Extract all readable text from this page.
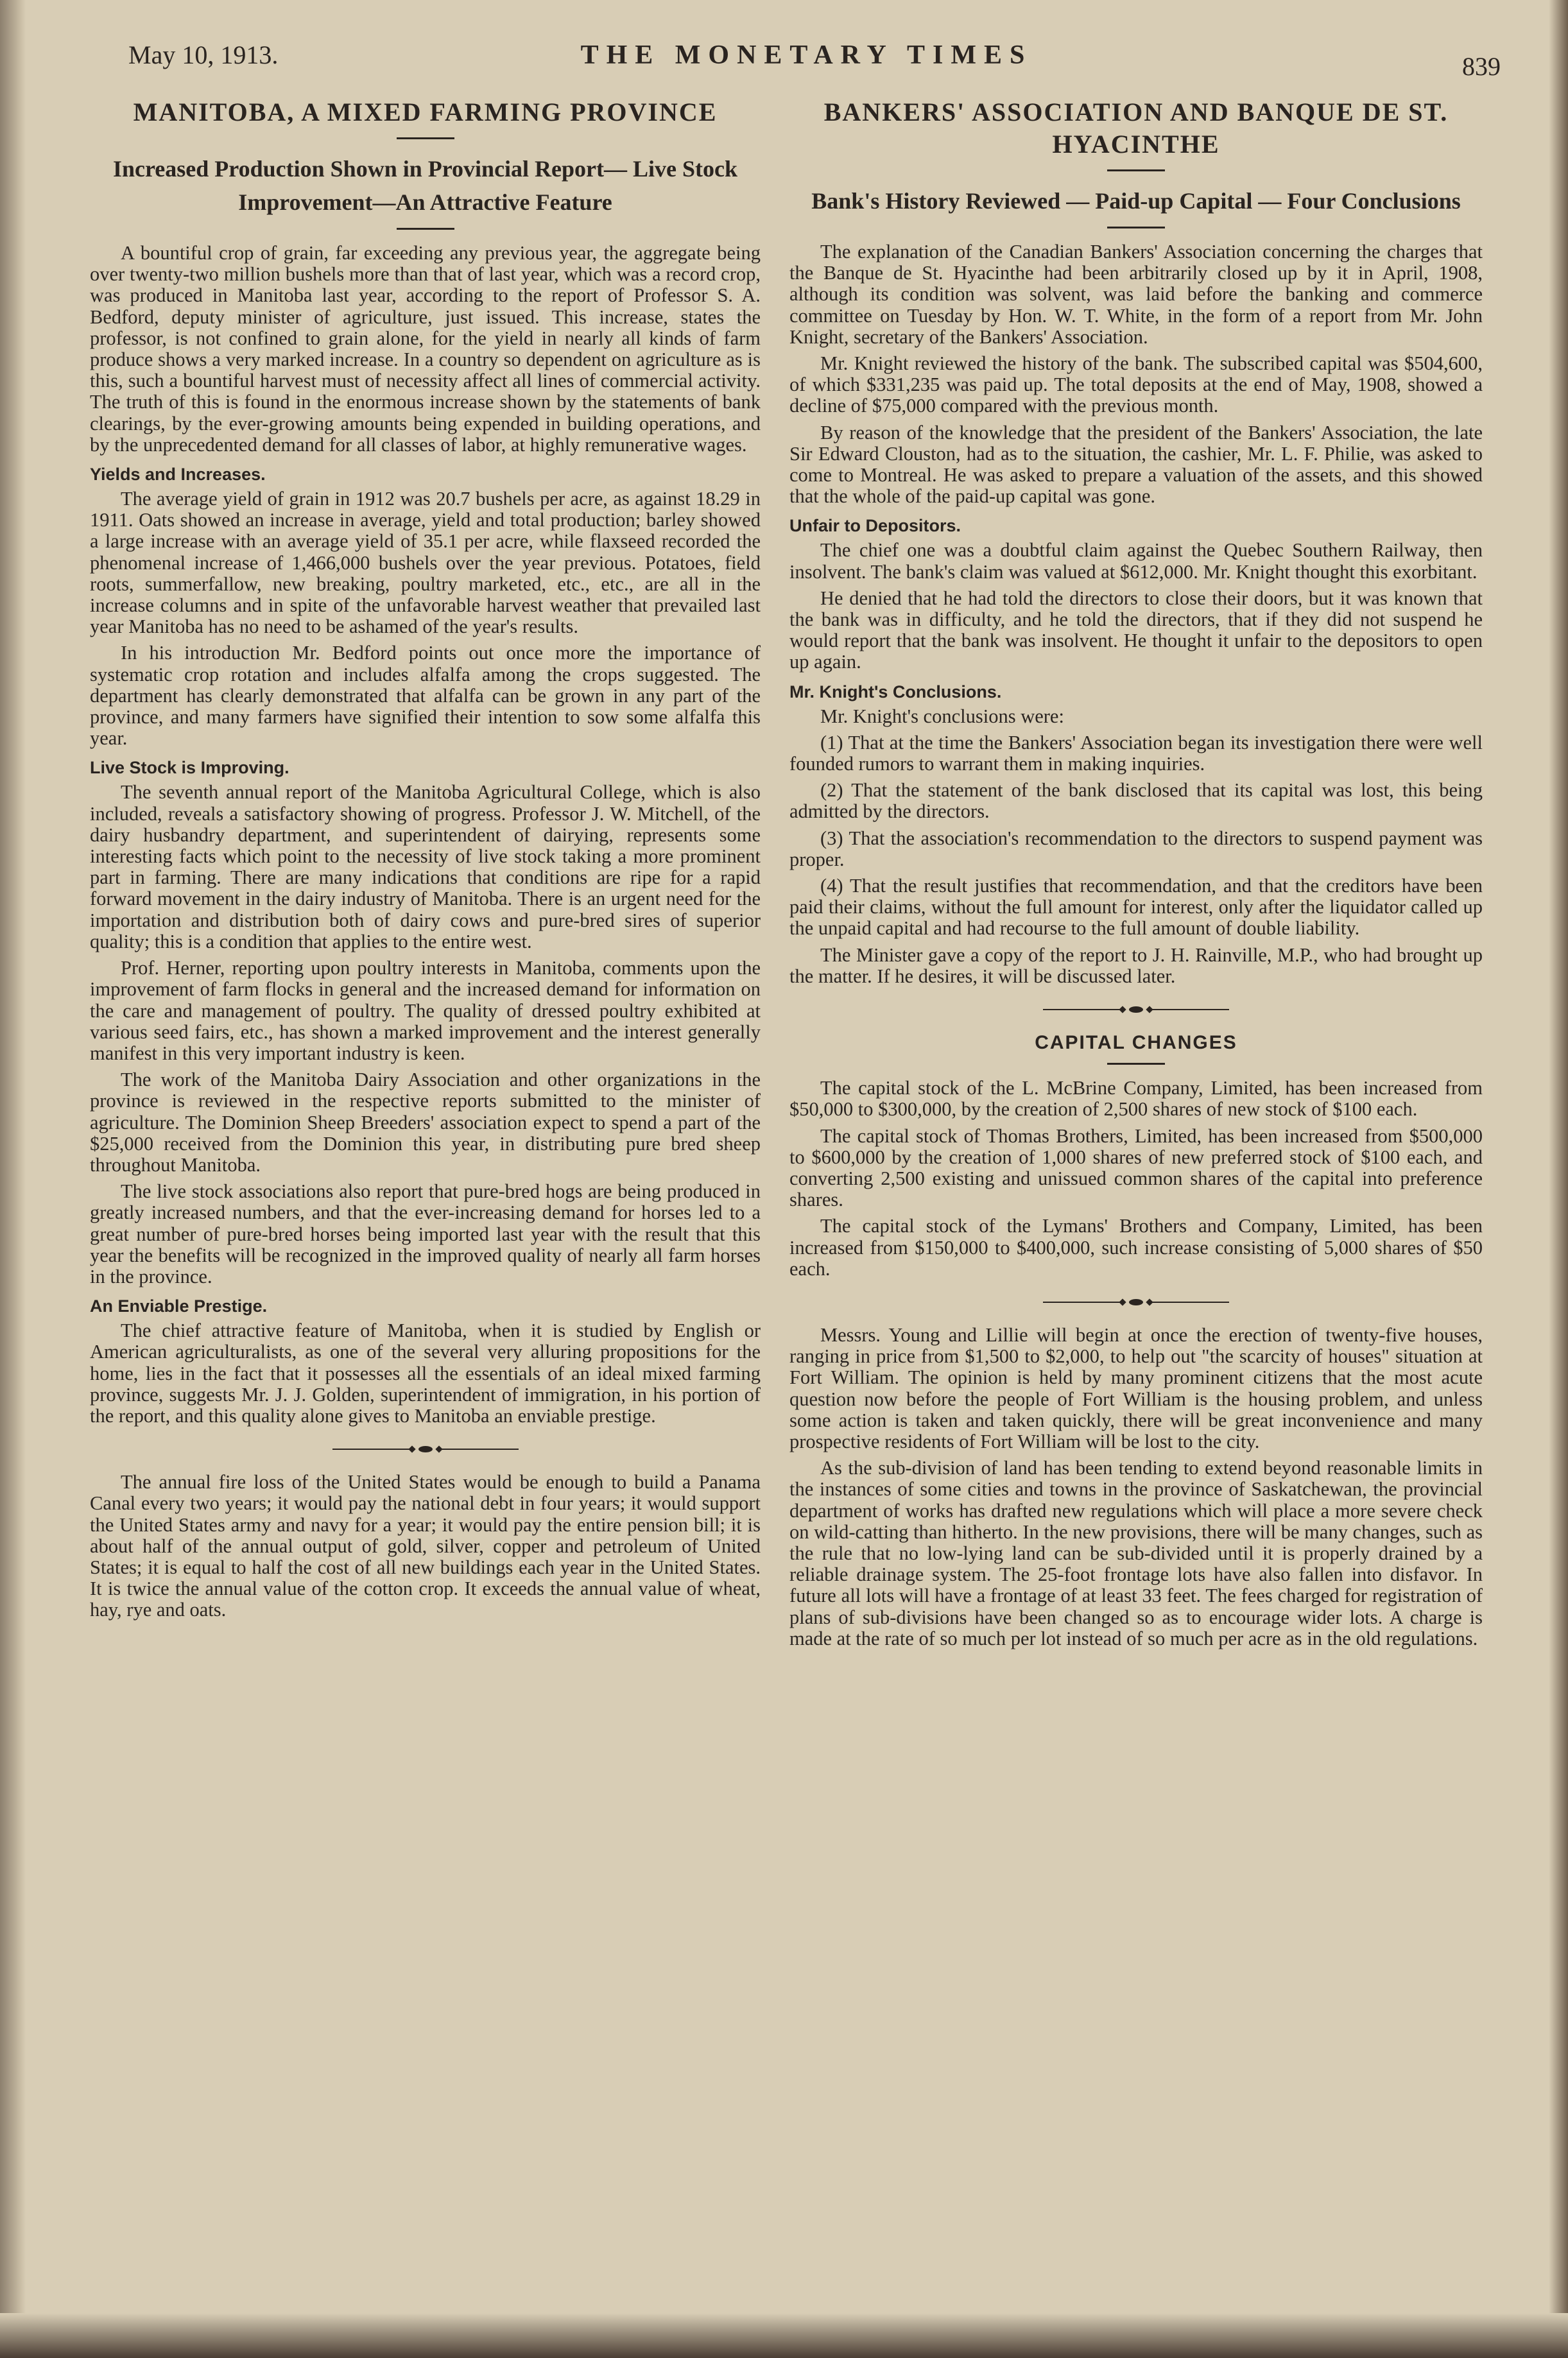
May 10, 1913.	THE MONETARY TIMES	839
MANITOBA, A MIXED FARMING PROVINCE
Increased Production Shown in Provincial Report— Live Stock Improvement—An Attractive Feature

A bountiful crop of grain, far exceeding any previous year, the aggregate being over twenty-two million bushels more than that of last year, which was a record crop, was produced in Manitoba last year, according to the report of Professor S. A. Bedford, deputy minister of agriculture, just issued. This increase, states the professor, is not confined to grain alone, for the yield in nearly all kinds of farm produce shows a very marked increase. In a country so dependent on agriculture as is this, such a bountiful harvest must of necessity affect all lines of commercial activity. The truth of this is found in the enormous increase shown by the statements of bank clearings, by the ever-growing amounts being expended in building operations, and by the unprecedented demand for all classes of labor, at highly remunerative wages.

Yields and Increases.

The average yield of grain in 1912 was 20.7 bushels per acre, as against 18.29 in 1911. Oats showed an increase in average, yield and total production; barley showed a large increase with an average yield of 35.1 per acre, while flaxseed recorded the phenomenal increase of 1,466,000 bushels over the year previous. Potatoes, field roots, summerfallow, new breaking, poultry marketed, etc., etc., are all in the increase columns and in spite of the unfavorable harvest weather that prevailed last year Manitoba has no need to be ashamed of the year's results.

In his introduction Mr. Bedford points out once more the importance of systematic crop rotation and includes alfalfa among the crops suggested. The department has clearly demonstrated that alfalfa can be grown in any part of the province, and many farmers have signified their intention to sow some alfalfa this year.

Live Stock is Improving.

The seventh annual report of the Manitoba Agricultural College, which is also included, reveals a satisfactory showing of progress. Professor J. W. Mitchell, of the dairy husbandry department, and superintendent of dairying, represents some interesting facts which point to the necessity of live stock taking a more prominent part in farming. There are many indications that conditions are ripe for a rapid forward movement in the dairy industry of Manitoba. There is an urgent need for the importation and distribution both of dairy cows and pure-bred sires of superior quality; this is a condition that applies to the entire west.

Prof. Herner, reporting upon poultry interests in Manitoba, comments upon the improvement of farm flocks in general and the increased demand for information on the care and management of poultry. The quality of dressed poultry exhibited at various seed fairs, etc., has shown a marked improvement and the interest generally manifest in this very important industry is keen.

The work of the Manitoba Dairy Association and other organizations in the province is reviewed in the respective reports submitted to the minister of agriculture. The Dominion Sheep Breeders' association expect to spend a part of the $25,000 received from the Dominion this year, in distributing pure bred sheep throughout Manitoba.

The live stock associations also report that pure-bred hogs are being produced in greatly increased numbers, and that the ever-increasing demand for horses led to a great number of pure-bred horses being imported last year with the result that this year the benefits will be recognized in the improved quality of nearly all farm horses in the province.

An Enviable Prestige.

The chief attractive feature of Manitoba, when it is studied by English or American agriculturalists, as one of the several very alluring propositions for the home, lies in the fact that it possesses all the essentials of an ideal mixed farming province, suggests Mr. J. J. Golden, superintendent of immigration, in his portion of the report, and this quality alone gives to Manitoba an enviable prestige.

The annual fire loss of the United States would be enough to build a Panama Canal every two years; it would pay the national debt in four years; it would support the United States army and navy for a year; it would pay the entire pension bill; it is about half of the annual output of gold, silver, copper and petroleum of United States; it is equal to half the cost of all new buildings each year in the United States. It is twice the annual value of the cotton crop. It exceeds the annual value of wheat, hay, rye and oats.

BANKERS' ASSOCIATION AND BANQUE DE ST. HYACINTHE
Bank's History Reviewed — Paid-up Capital — Four Conclusions

The explanation of the Canadian Bankers' Association concerning the charges that the Banque de St. Hyacinthe had been arbitrarily closed up by it in April, 1908, although its condition was solvent, was laid before the banking and commerce committee on Tuesday by Hon. W. T. White, in the form of a report from Mr. John Knight, secretary of the Bankers' Association.

Mr. Knight reviewed the history of the bank. The subscribed capital was $504,600, of which $331,235 was paid up. The total deposits at the end of May, 1908, showed a decline of $75,000 compared with the previous month.

By reason of the knowledge that the president of the Bankers' Association, the late Sir Edward Clouston, had as to the situation, the cashier, Mr. L. F. Philie, was asked to come to Montreal. He was asked to prepare a valuation of the assets, and this showed that the whole of the paid-up capital was gone.

Unfair to Depositors.

The chief one was a doubtful claim against the Quebec Southern Railway, then insolvent. The bank's claim was valued at $612,000. Mr. Knight thought this exorbitant.

He denied that he had told the directors to close their doors, but it was known that the bank was in difficulty, and he told the directors, that if they did not suspend he would report that the bank was insolvent. He thought it unfair to the depositors to open up again.

Mr. Knight's Conclusions.

Mr. Knight's conclusions were:

(1) That at the time the Bankers' Association began its investigation there were well founded rumors to warrant them in making inquiries.

(2) That the statement of the bank disclosed that its capital was lost, this being admitted by the directors.

(3) That the association's recommendation to the directors to suspend payment was proper.

(4) That the result justifies that recommendation, and that the creditors have been paid their claims, without the full amount for interest, only after the liquidator called up the unpaid capital and had recourse to the full amount of double liability.

The Minister gave a copy of the report to J. H. Rainville, M.P., who had brought up the matter. If he desires, it will be discussed later.

CAPITAL CHANGES

The capital stock of the L. McBrine Company, Limited, has been increased from $50,000 to $300,000, by the creation of 2,500 shares of new stock of $100 each.

The capital stock of Thomas Brothers, Limited, has been increased from $500,000 to $600,000 by the creation of 1,000 shares of new preferred stock of $100 each, and converting 2,500 existing and unissued common shares of the capital into preference shares.

The capital stock of the Lymans' Brothers and Company, Limited, has been increased from $150,000 to $400,000, such increase consisting of 5,000 shares of $50 each.

Messrs. Young and Lillie will begin at once the erection of twenty-five houses, ranging in price from $1,500 to $2,000, to help out "the scarcity of houses" situation at Fort William. The opinion is held by many prominent citizens that the most acute question now before the people of Fort William is the housing problem, and unless some action is taken and taken quickly, there will be great inconvenience and many prospective residents of Fort William will be lost to the city.

As the sub-division of land has been tending to extend beyond reasonable limits in the instances of some cities and towns in the province of Saskatchewan, the provincial department of works has drafted new regulations which will place a more severe check on wild-catting than hitherto. In the new provisions, there will be many changes, such as the rule that no low-lying land can be sub-divided until it is properly drained by a reliable drainage system. The 25-foot frontage lots have also fallen into disfavor. In future all lots will have a frontage of at least 33 feet. The fees charged for registration of plans of sub-divisions have been changed so as to encourage wider lots. A charge is made at the rate of so much per lot instead of so much per acre as in the old regulations.
